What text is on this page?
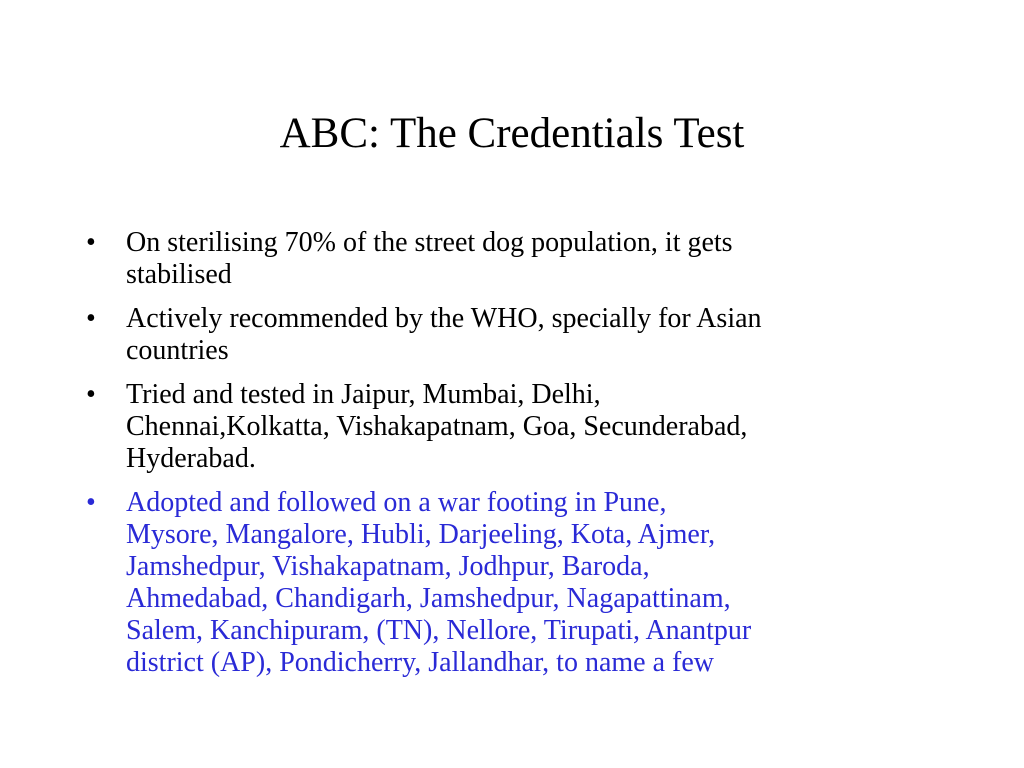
ABC: The Credentials Test
•	On sterilising 70% of the street dog population, it gets
stabilised
•	Actively recommended by the WHO, specially for Asian
countries
•	Tried and tested in Jaipur, Mumbai, Delhi,
Chennai,Kolkatta, Vishakapatnam, Goa, Secunderabad,
Hyderabad.
•	Adopted and followed on a war footing in Pune,
Mysore, Mangalore, Hubli, Darjeeling, Kota, Ajmer,
Jamshedpur, Vishakapatnam, Jodhpur, Baroda,
Ahmedabad, Chandigarh, Jamshedpur, Nagapattinam,
Salem, Kanchipuram, (TN), Nellore, Tirupati, Anantpur
district (AP), Pondicherry, Jallandhar, to name a few
